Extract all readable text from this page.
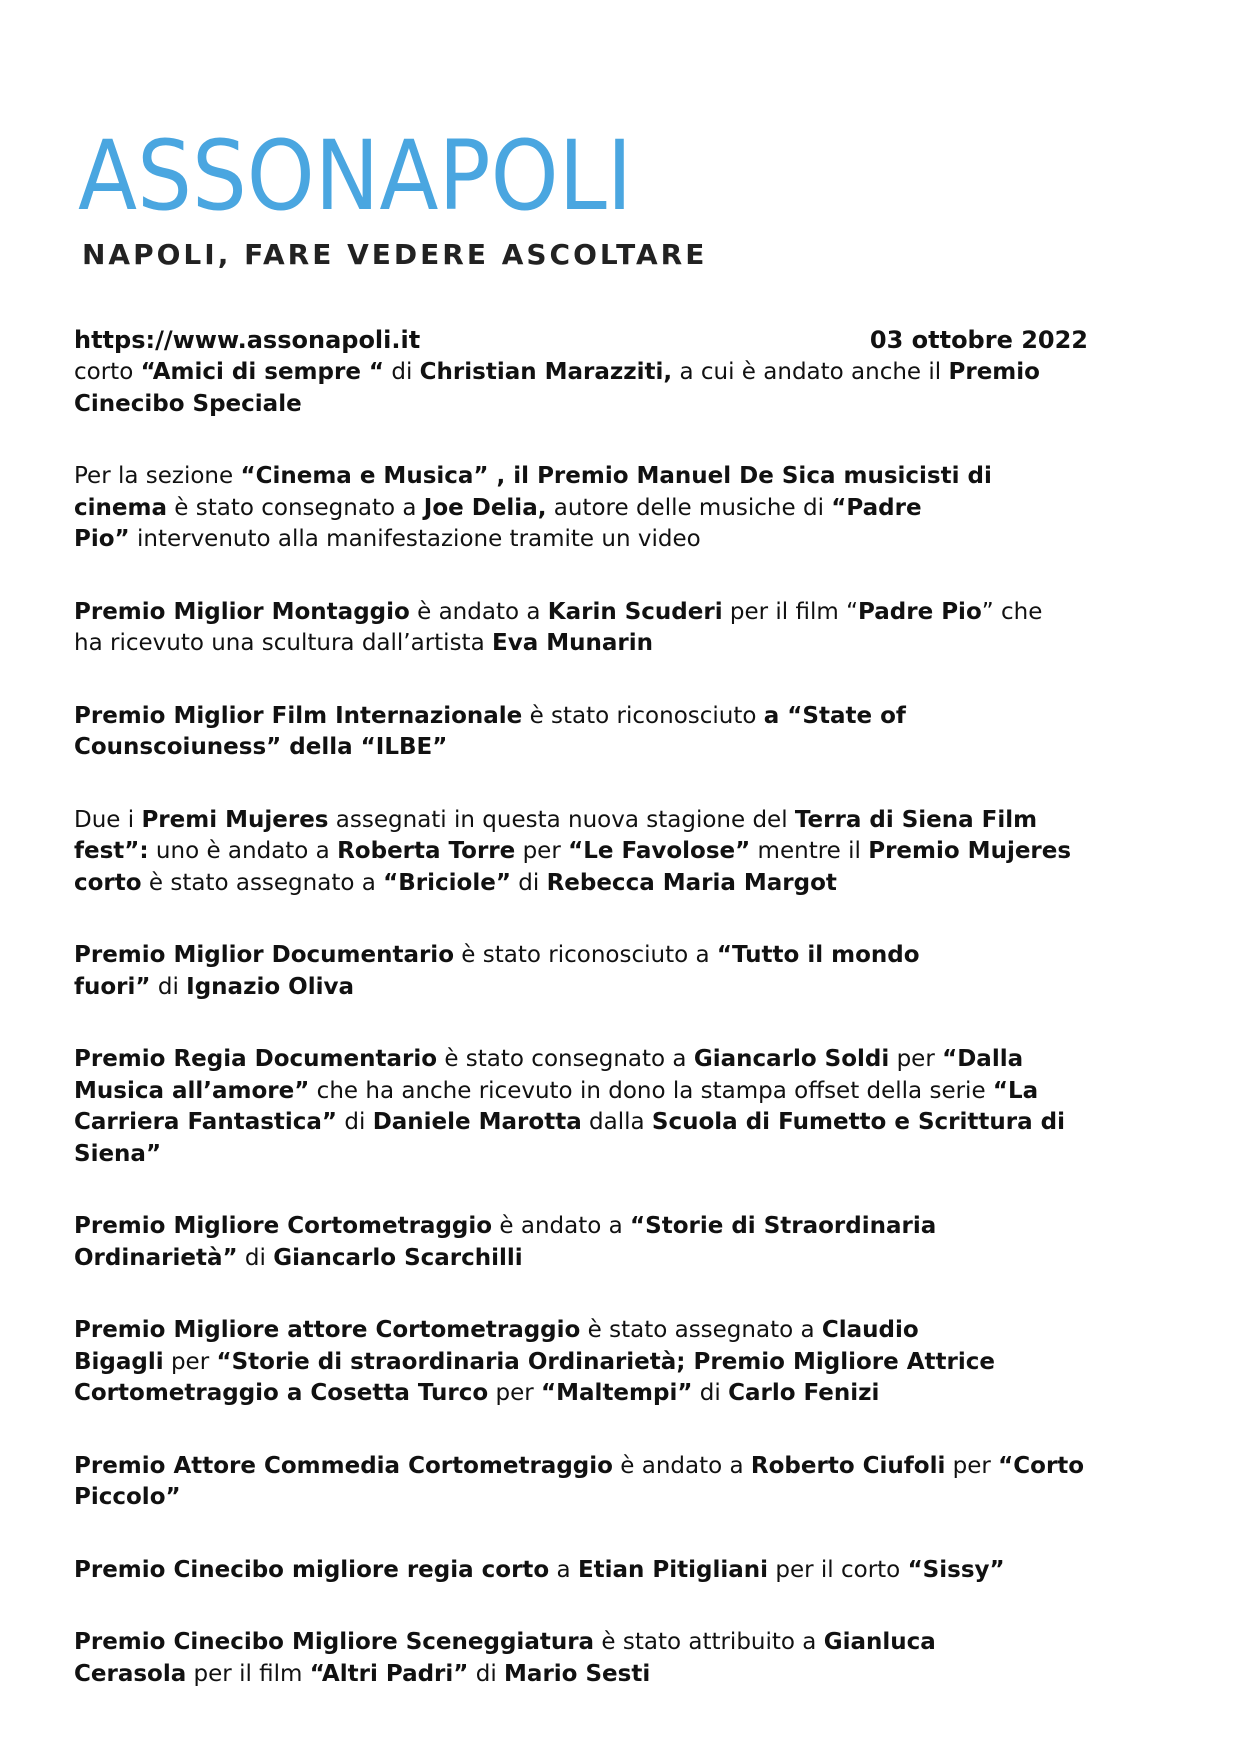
ASSONAPOLI
NAPOLI, FARE VEDERE ASCOLTARE
https://www.assonapoli.it	03 ottobre 2022

corto “Amici di sempre “ di Christian Marazziti, a cui è andato anche il Premio
Cinecibo Speciale

Per la sezione “Cinema e Musica” , il Premio Manuel De Sica musicisti di
cinema è stato consegnato a Joe Delia, autore delle musiche di “Padre
Pio” intervenuto alla manifestazione tramite un video

Premio Miglior Montaggio è andato a Karin Scuderi per il film “Padre Pio” che
ha ricevuto una scultura dall’artista Eva Munarin

Premio Miglior Film Internazionale è stato riconosciuto a “State of
Counscoiuness” della “ILBE”

Due i Premi Mujeres assegnati in questa nuova stagione del Terra di Siena Film
fest”: uno è andato a Roberta Torre per “Le Favolose” mentre il Premio Mujeres
corto è stato assegnato a “Briciole” di Rebecca Maria Margot

Premio Miglior Documentario è stato riconosciuto a “Tutto il mondo
fuori” di Ignazio Oliva

Premio Regia Documentario è stato consegnato a Giancarlo Soldi per “Dalla
Musica all’amore” che ha anche ricevuto in dono la stampa offset della serie “La
Carriera Fantastica” di Daniele Marotta dalla Scuola di Fumetto e Scrittura di
Siena”

Premio Migliore Cortometraggio è andato a “Storie di Straordinaria
Ordinarietà” di Giancarlo Scarchilli

Premio Migliore attore Cortometraggio è stato assegnato a Claudio
Bigagli per “Storie di straordinaria Ordinarietà; Premio Migliore Attrice
Cortometraggio a Cosetta Turco per “Maltempi” di Carlo Fenizi

Premio Attore Commedia Cortometraggio è andato a Roberto Ciufoli per “Corto
Piccolo”

Premio Cinecibo migliore regia corto a Etian Pitigliani per il corto “Sissy”

Premio Cinecibo Migliore Sceneggiatura è stato attribuito a Gianluca
Cerasola per il film “Altri Padri” di Mario Sesti
